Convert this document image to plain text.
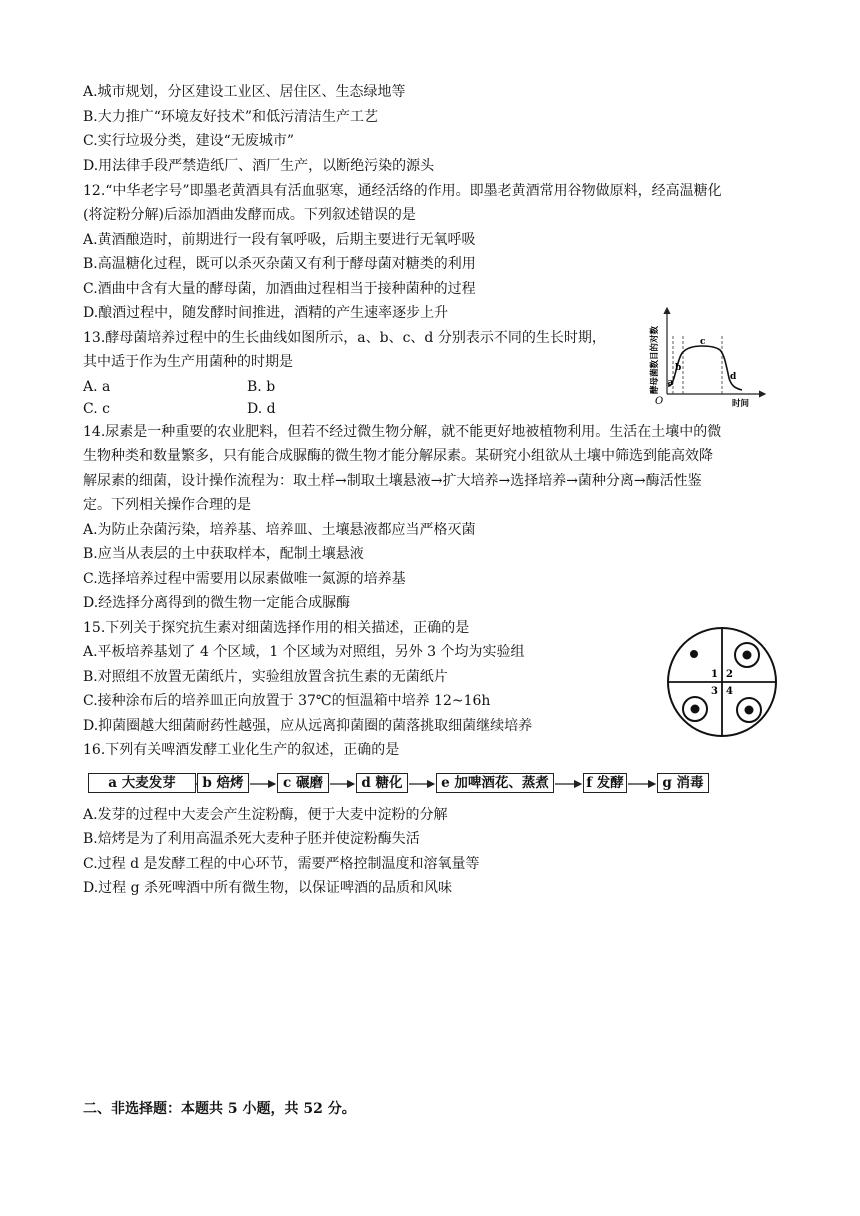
A.城市规划，分区建设工业区、居住区、生态绿地等
B.大力推广“环境友好技术”和低污清洁生产工艺
C.实行垃圾分类，建设“无废城市”
D.用法律手段严禁造纸厂、酒厂生产，以断绝污染的源头
12.“中华老字号”即墨老黄酒具有活血驱寒，通经活络的作用。即墨老黄酒常用谷物做原料，经高温糖化
(将淀粉分解)后添加酒曲发酵而成。下列叙述错误的是
A.黄酒酿造时，前期进行一段有氧呼吸，后期主要进行无氧呼吸
B.高温糖化过程，既可以杀灭杂菌又有利于酵母菌对糖类的利用
C.酒曲中含有大量的酵母菌，加酒曲过程相当于接种菌种的过程
D.酿酒过程中，随发酵时间推进，酒精的产生速率逐步上升
13.酵母菌培养过程中的生长曲线如图所示，a、b、c、d 分别表示不同的生长时期，
其中适于作为生产用菌种的时期是
A. a	B. b
C. c	D. d
酵母菌数目的对数
O	时间
a
b
c
d
14.尿素是一种重要的农业肥料，但若不经过微生物分解，就不能更好地被植物利用。生活在土壤中的微
生物种类和数量繁多，只有能合成脲酶的微生物才能分解尿素。某研究小组欲从土壤中筛选到能高效降
解尿素的细菌，设计操作流程为：取土样→制取土壤悬液→扩大培养→选择培养→菌种分离→酶活性鉴
定。下列相关操作合理的是
A.为防止杂菌污染，培养基、培养皿、土壤悬液都应当严格灭菌
B.应当从表层的土中获取样本，配制土壤悬液
C.选择培养过程中需要用以尿素做唯一氮源的培养基
D.经选择分离得到的微生物一定能合成脲酶
15.下列关于探究抗生素对细菌选择作用的相关描述，正确的是
A.平板培养基划了 4 个区域，1 个区域为对照组，另外 3 个均为实验组
B.对照组不放置无菌纸片，实验组放置含抗生素的无菌纸片
C.接种涂布后的培养皿正向放置于 37℃的恒温箱中培养 12~16h
D.抑菌圈越大细菌耐药性越强，应从远离抑菌圈的菌落挑取细菌继续培养
1 2
3 4
16.下列有关啤酒发酵工业化生产的叙述，正确的是
a 大麦发芽	b 焙烤	c 碾磨	d 糖化	e 加啤酒花、蒸煮	f 发酵	g 消毒
A.发芽的过程中大麦会产生淀粉酶，便于大麦中淀粉的分解
B.焙烤是为了利用高温杀死大麦种子胚并使淀粉酶失活
C.过程 d 是发酵工程的中心环节，需要严格控制温度和溶氧量等
D.过程 g 杀死啤酒中所有微生物，以保证啤酒的品质和风味
二、非选择题：本题共 5 小题，共 52 分。
